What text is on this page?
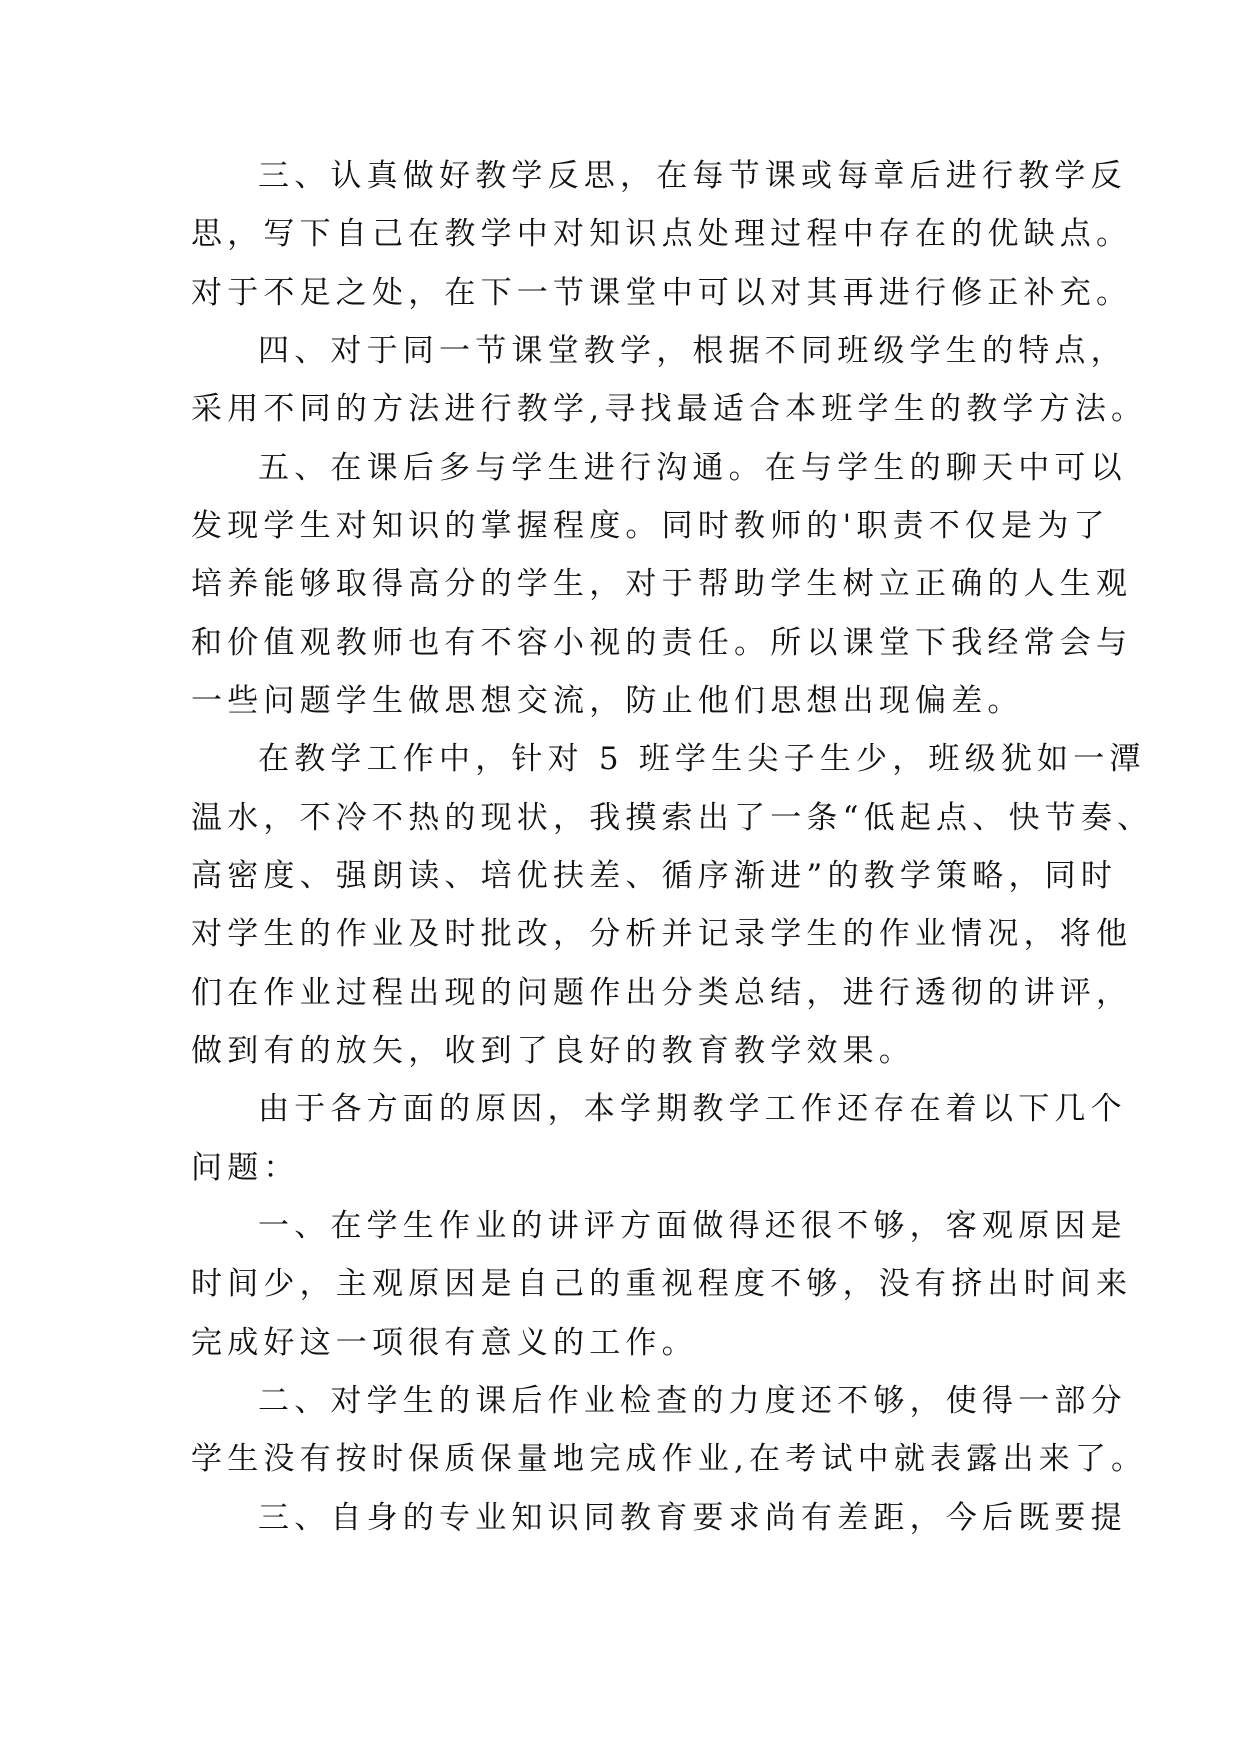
三、认真做好教学反思，在每节课或每章后进行教学反
思，写下自己在教学中对知识点处理过程中存在的优缺点。
对于不足之处，在下一节课堂中可以对其再进行修正补充。
四、对于同一节课堂教学，根据不同班级学生的特点，
采用不同的方法进行教学,寻找最适合本班学生的教学方法。
五、在课后多与学生进行沟通。在与学生的聊天中可以
发现学生对知识的掌握程度。同时教师的'职责不仅是为了
培养能够取得高分的学生，对于帮助学生树立正确的人生观
和价值观教师也有不容小视的责任。所以课堂下我经常会与
一些问题学生做思想交流，防止他们思想出现偏差。
在教学工作中，针对 5 班学生尖子生少，班级犹如一潭
温水，不冷不热的现状，我摸索出了一条“低起点、快节奏、
高密度、强朗读、培优扶差、循序渐进”的教学策略，同时
对学生的作业及时批改，分析并记录学生的作业情况，将他
们在作业过程出现的问题作出分类总结，进行透彻的讲评，
做到有的放矢，收到了良好的教育教学效果。
由于各方面的原因，本学期教学工作还存在着以下几个
问题：
一、在学生作业的讲评方面做得还很不够，客观原因是
时间少，主观原因是自己的重视程度不够，没有挤出时间来
完成好这一项很有意义的工作。
二、对学生的课后作业检查的力度还不够，使得一部分
学生没有按时保质保量地完成作业,在考试中就表露出来了。
三、自身的专业知识同教育要求尚有差距，今后既要提
